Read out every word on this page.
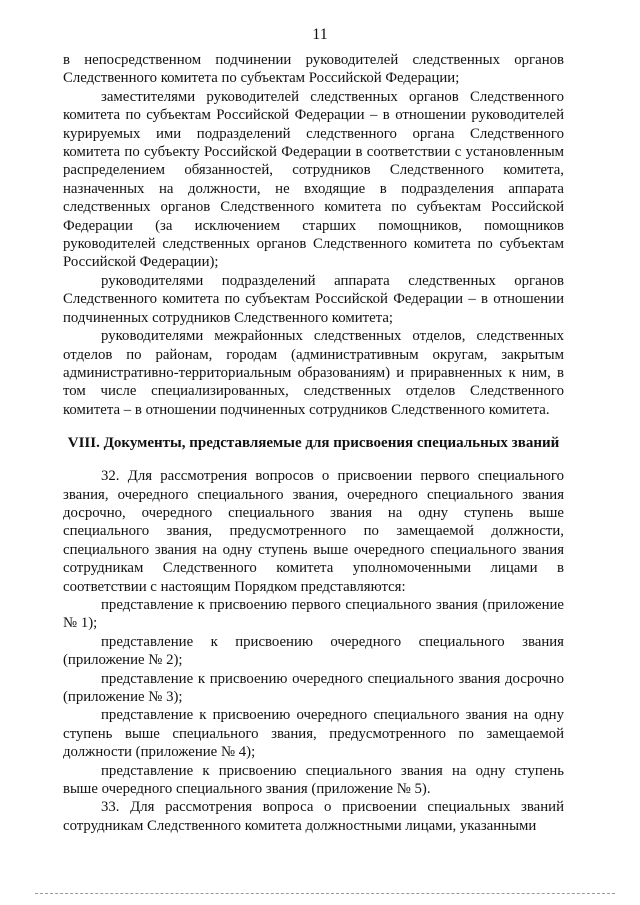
11

в непосредственном подчинении руководителей следственных органов Следственного комитета по субъектам Российской Федерации;

заместителями руководителей следственных органов Следственного комитета по субъектам Российской Федерации – в отношении руководителей курируемых ими подразделений следственного органа Следственного комитета по субъекту Российской Федерации в соответствии с установленным распределением обязанностей, сотрудников Следственного комитета, назначенных на должности, не входящие в подразделения аппарата следственных органов Следственного комитета по субъектам Российской Федерации (за исключением старших помощников, помощников руководителей следственных органов Следственного комитета по субъектам Российской Федерации);

руководителями подразделений аппарата следственных органов Следственного комитета по субъектам Российской Федерации – в отношении подчиненных сотрудников Следственного комитета;

руководителями межрайонных следственных отделов, следственных отделов по районам, городам (административным округам, закрытым административно-территориальным образованиям) и приравненных к ним, в том числе специализированных, следственных отделов Следственного комитета – в отношении подчиненных сотрудников Следственного комитета.

VIII. Документы, представляемые для присвоения специальных званий

32. Для рассмотрения вопросов о присвоении первого специального звания, очередного специального звания, очередного специального звания досрочно, очередного специального звания на одну ступень выше специального звания, предусмотренного по замещаемой должности, специального звания на одну ступень выше очередного специального звания сотрудникам Следственного комитета уполномоченными лицами в соответствии с настоящим Порядком представляются:

представление к присвоению первого специального звания (приложение № 1);

представление к присвоению очередного специального звания (приложение № 2);

представление к присвоению очередного специального звания досрочно (приложение № 3);

представление к присвоению очередного специального звания на одну ступень выше специального звания, предусмотренного по замещаемой должности (приложение № 4);

представление к присвоению специального звания на одну ступень выше очередного специального звания (приложение № 5).

33. Для рассмотрения вопроса о присвоении специальных званий сотрудникам Следственного комитета должностными лицами, указанными
